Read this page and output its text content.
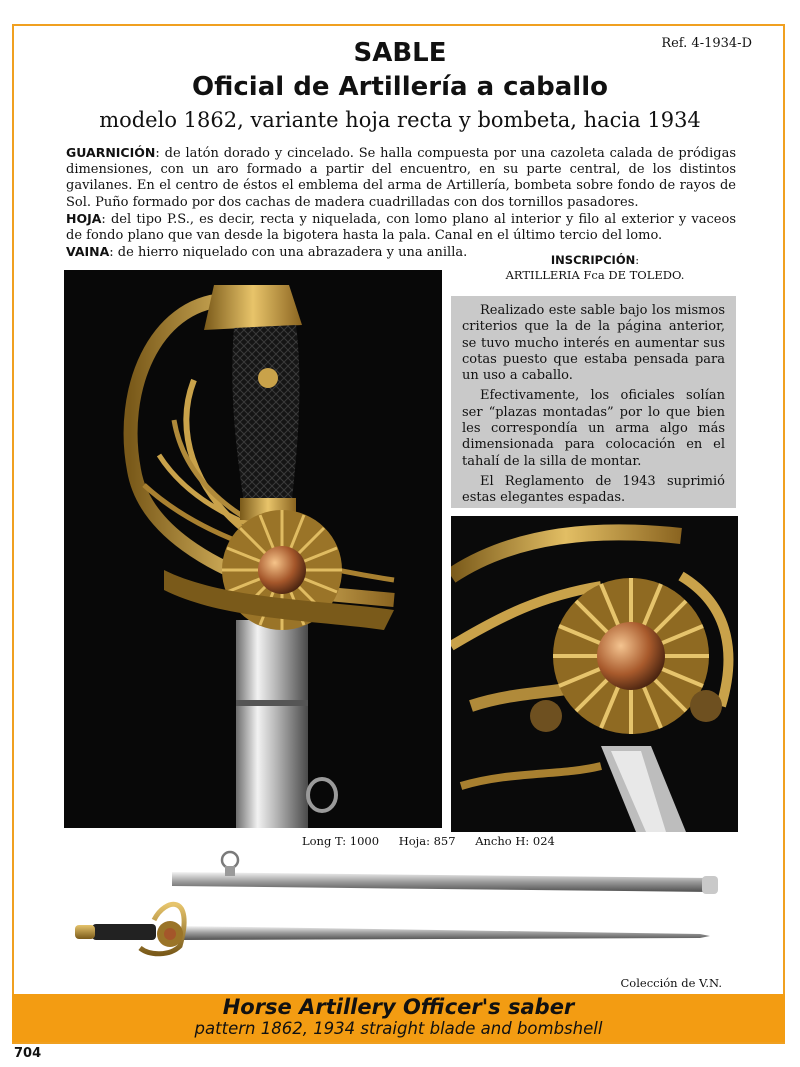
Ref. 4-1934-D
SABLE
Oficial de Artillería a caballo
modelo 1862, variante hoja recta y bombeta, hacia 1934

GUARNICIÓN: de latón dorado y cincelado. Se halla compuesta por una cazoleta calada de pródigas dimensiones, con un aro formado a partir del encuentro, en su parte central, de los distintos gavilanes. En el centro de éstos el emblema del arma de Artillería, bombeta sobre fondo de rayos de Sol. Puño formado por dos cachas de madera cuadrilladas con dos tornillos pasadores.

HOJA: del tipo P.S., es decir, recta y niquelada, con lomo plano al interior y filo al exterior y vaceos de fondo plano que van desde la bigotera hasta la pala. Canal en el último tercio del lomo.

VAINA: de hierro niquelado con una abrazadera y una anilla.	INSCRIPCIÓN:
ARTILLERIA Fca DE TOLEDO.

Realizado este sable bajo los mismos criterios que la de la página anterior, se tuvo mucho interés en aumentar sus cotas puesto que estaba pensada para un uso a caballo.

Efectivamente, los oficiales solían ser “plazas montadas” por lo que bien les correspondía un arma algo más dimensionada para colocación en el tahalí de la silla de montar.

El Reglamento de 1943 suprimió estas elegantes espadas.

Long T: 1000 Hoja: 857 Ancho H: 024
Colección de V.N.
Horse Artillery Officer's saber
pattern 1862, 1934 straight blade and bombshell
704
